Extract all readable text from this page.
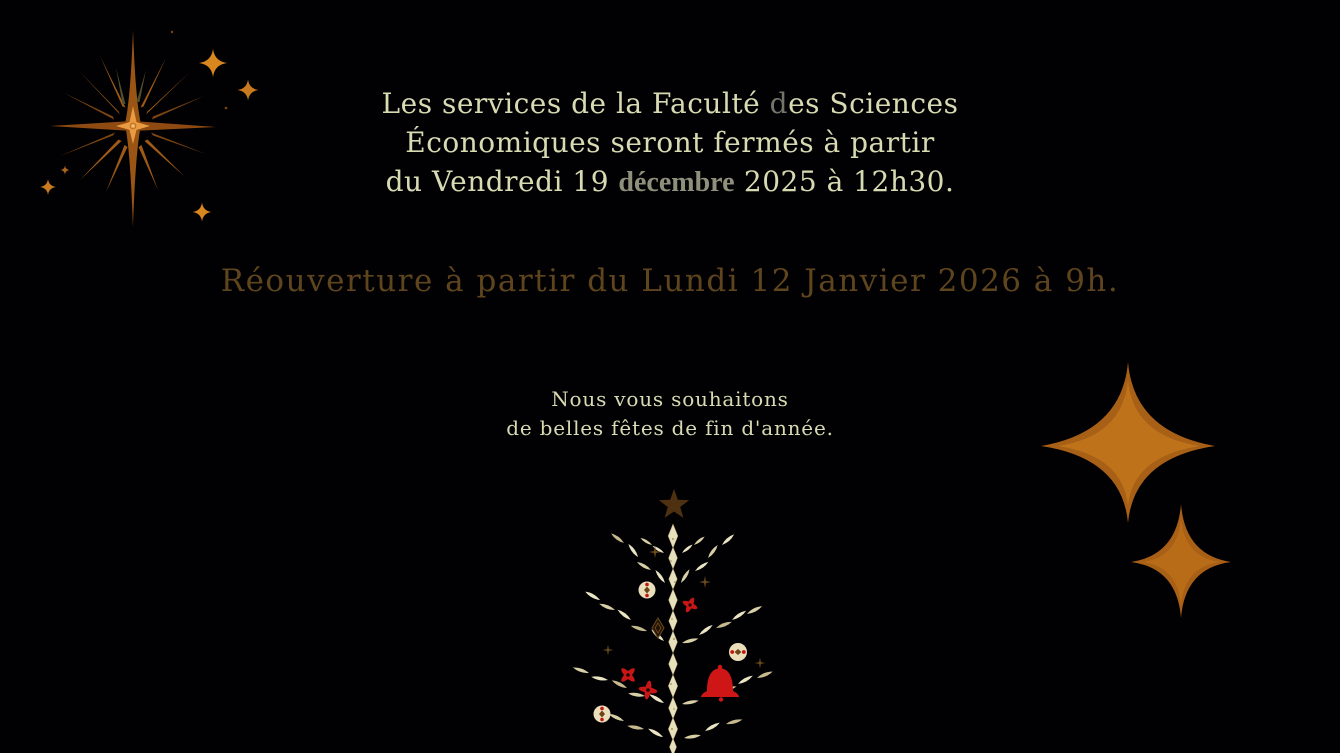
Les services de la Faculté des Sciences
Économiques seront fermés à partir
du Vendredi 19 décembre 2025 à 12h30.
Réouverture à partir du Lundi 12 Janvier 2026 à 9h.
Nous vous souhaitons
de belles fêtes de fin d'année.
